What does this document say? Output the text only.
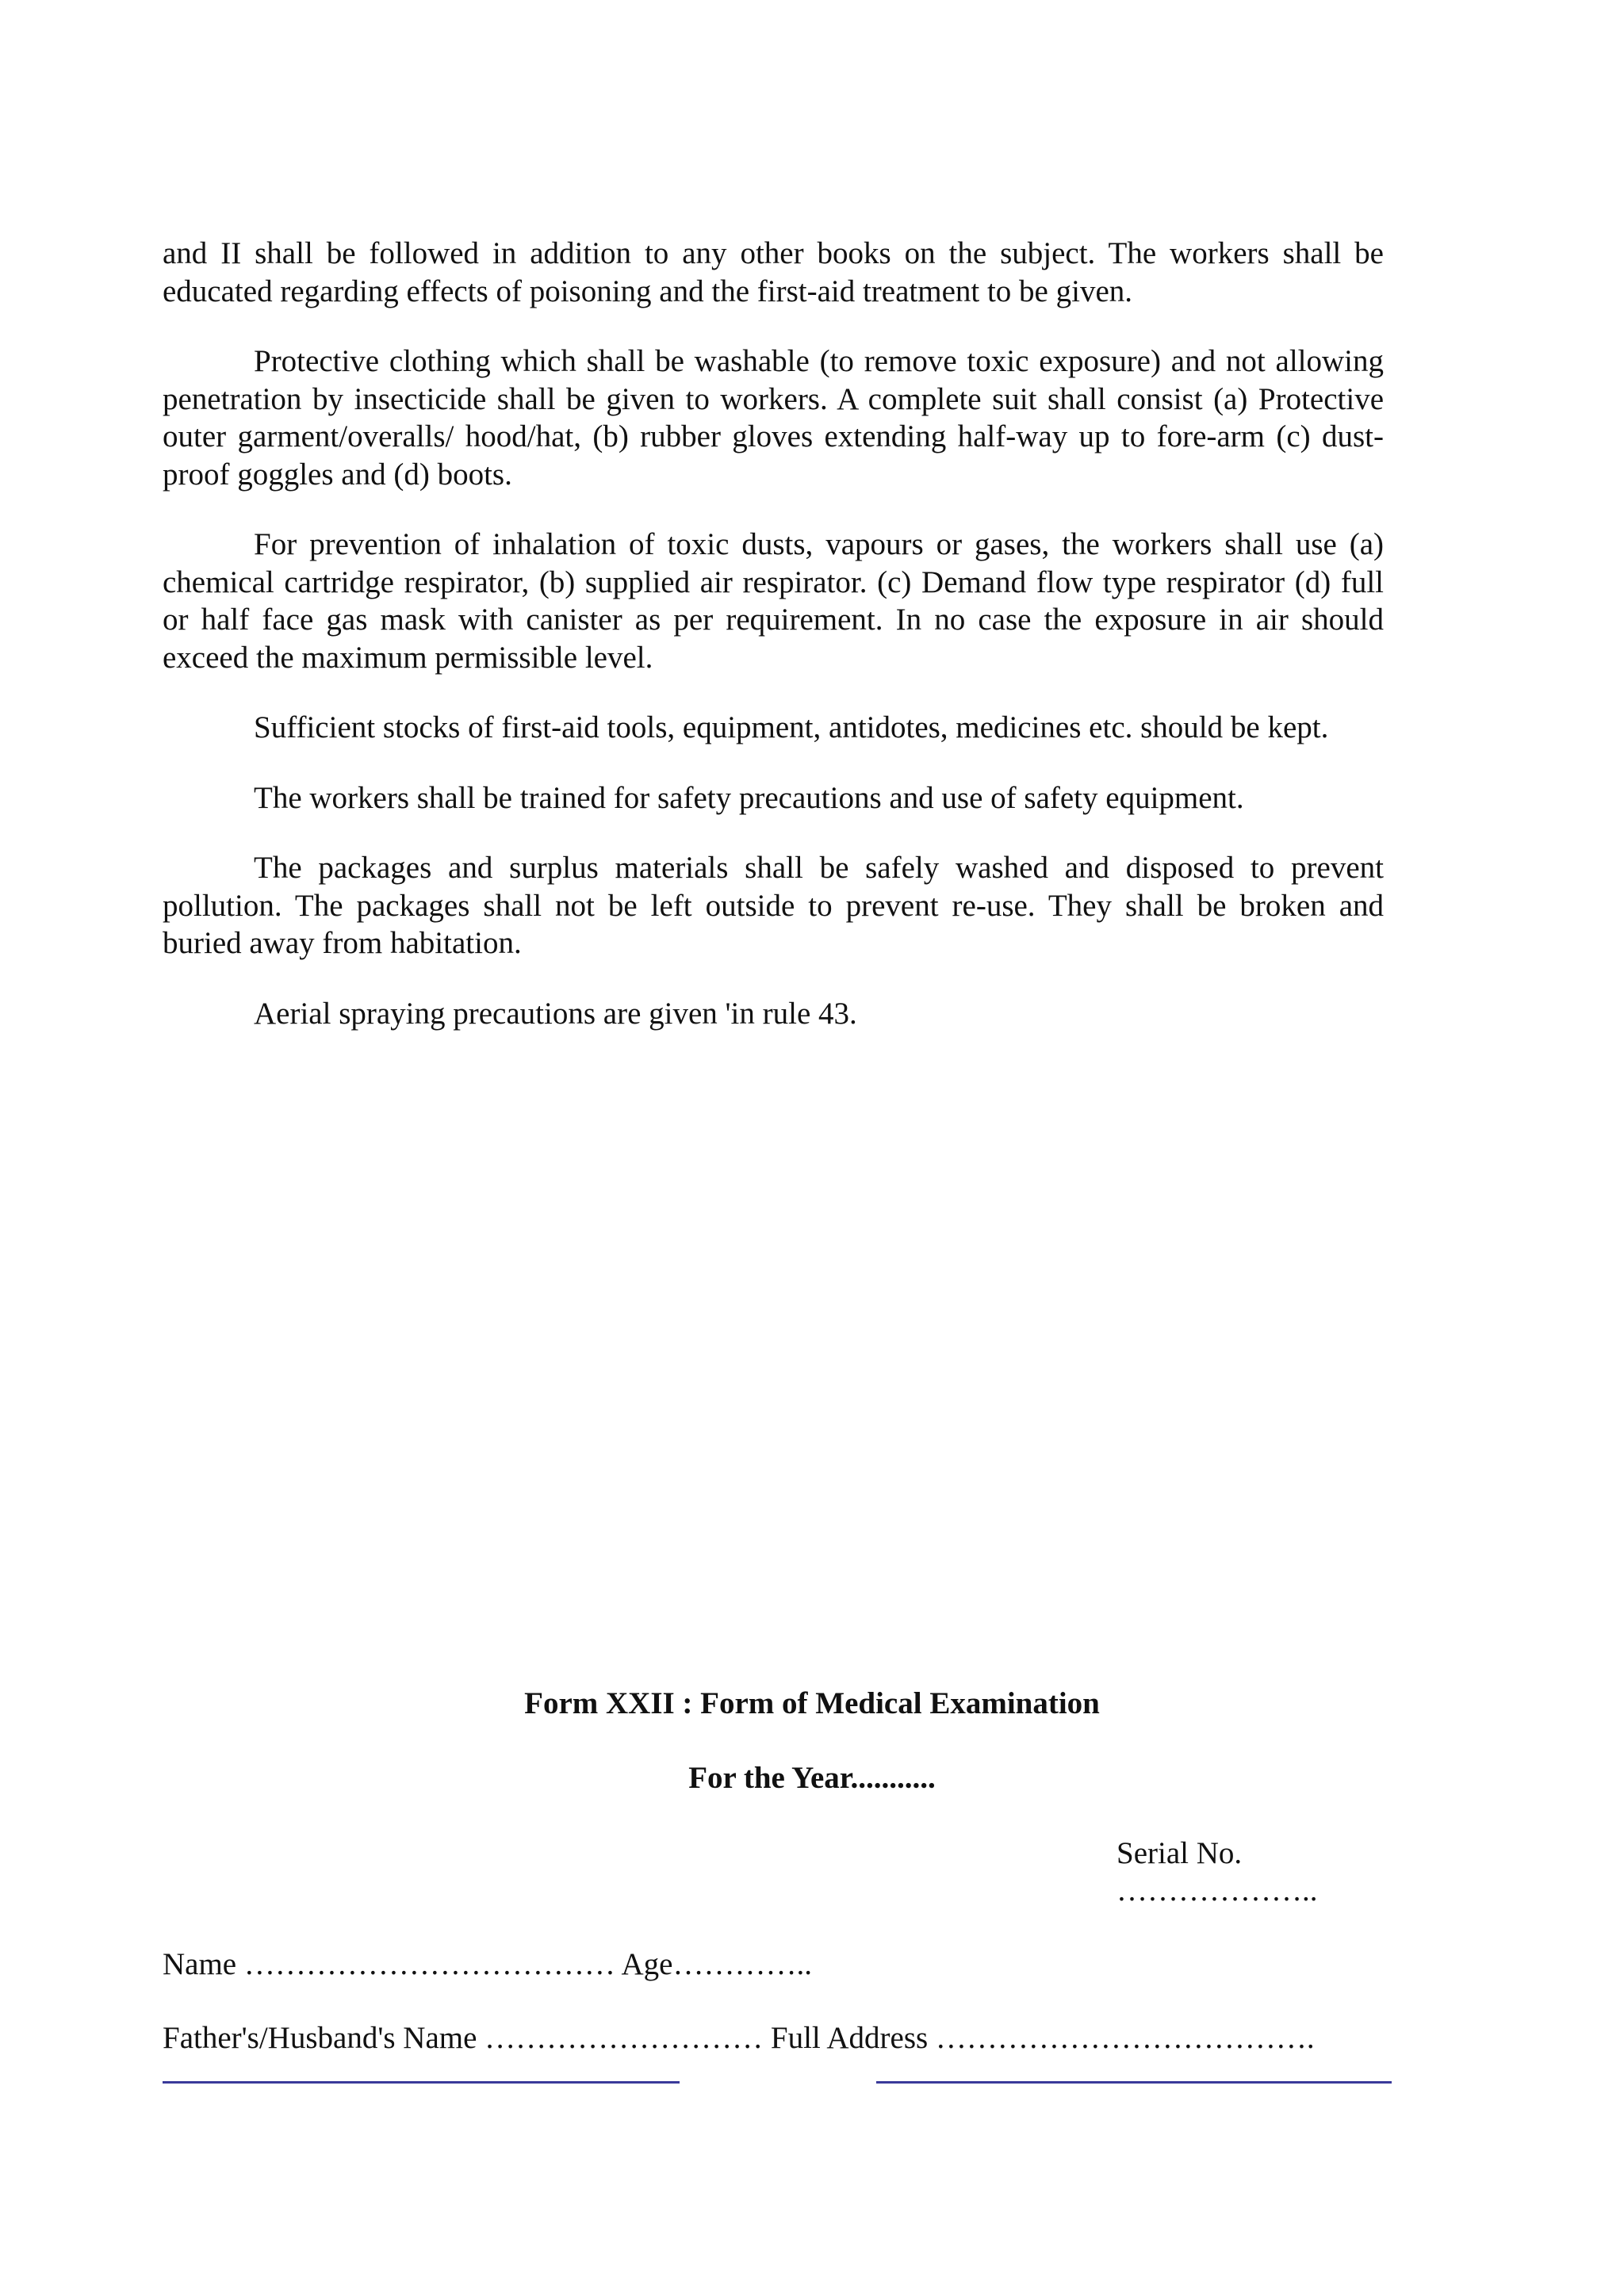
and II shall be followed in addition to any other books on the subject. The workers shall be educated regarding effects of poisoning and the first-aid treatment to be given.

Protective clothing which shall be washable (to remove toxic exposure) and not allowing penetration by insecticide shall be given to workers. A complete suit shall consist (a) Protective outer garment/overalls/ hood/hat, (b) rubber gloves extending half-way up to fore-arm (c) dust-proof goggles and (d) boots.

For prevention of inhalation of toxic dusts, vapours or gases, the workers shall use (a) chemical cartridge respirator, (b) supplied air respirator. (c) Demand flow type respirator (d) full or half face gas mask with canister as per requirement. In no case the exposure in air should exceed the maximum permissible level.

Sufficient stocks of first-aid tools, equipment, antidotes, medicines etc. should be kept.

The workers shall be trained for safety precautions and use of safety equipment.

The packages and surplus materials shall be safely washed and disposed to prevent pollution. The packages shall not be left outside to prevent re-use. They shall be broken and buried away from habitation.

Aerial spraying precautions are given 'in rule 43.

Form XXII : Form of Medical Examination
For the Year...........
Serial No.
………………..
Name ……………………………… Age…………..
Father's/Husband's Name ……………………… Full Address ……………………………….
